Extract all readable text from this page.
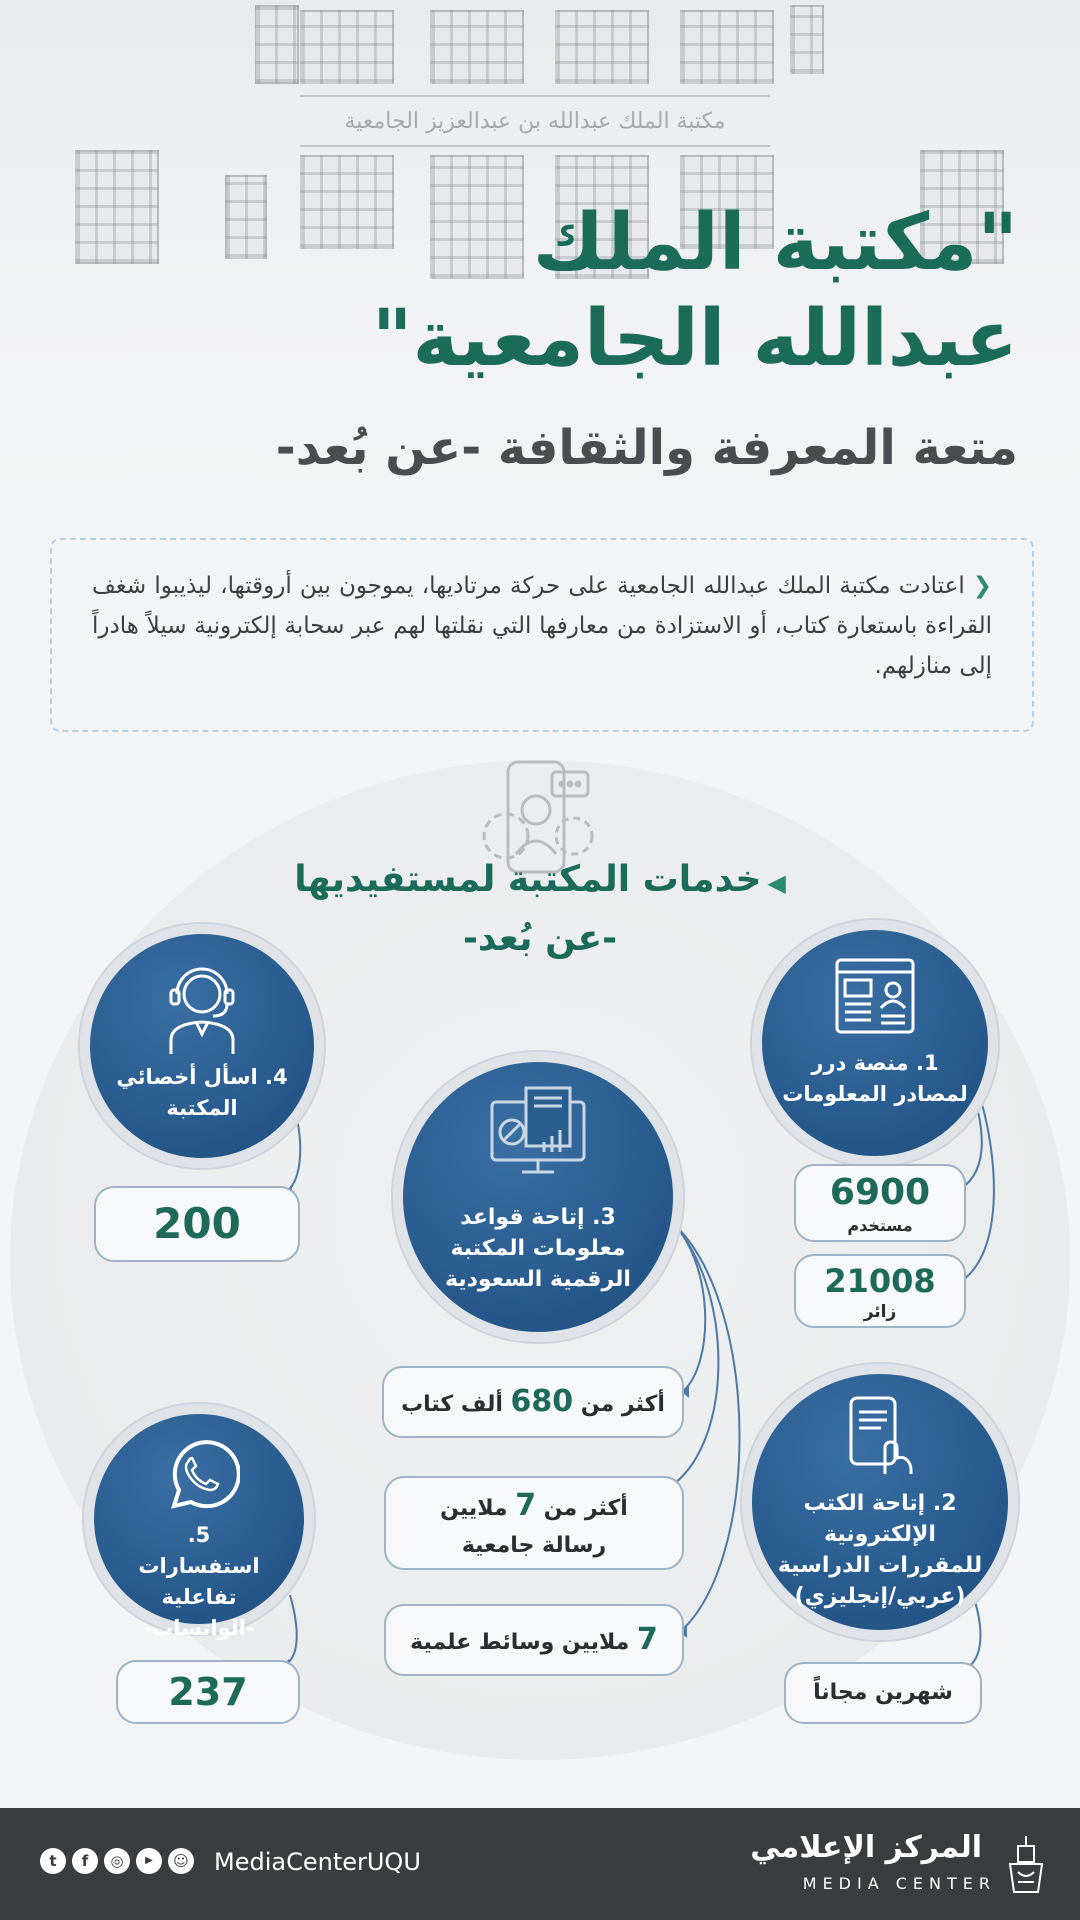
مكتبة الملك عبدالله بن عبدالعزيز الجامعية
"مكتبة الملك
عبدالله الجامعية"
متعة المعرفة والثقافة -عن بُعد-
❮اعتادت مكتبة الملك عبدالله الجامعية على حركة مرتاديها، يموجون بين أروقتها، ليذيبوا شغف القراءة باستعارة كتاب، أو الاستزادة من معارفها التي نقلتها لهم عبر سحابة إلكترونية سيلاً هادراً إلى منازلهم.
◀خدمات المكتبة لمستفيديها
-عن بُعد-
1. منصة درر لمصادر المعلومات
4. اسأل أخصائي المكتبة
3. إتاحة قواعد معلومات المكتبة الرقمية السعودية
2. إتاحة الكتب الإلكترونية للمقررات الدراسية (عربي/إنجليزي)
5. استفسارات تفاعلية -الواتساب-
6900
مستخدم
21008
زائر
200
أكثر من 680 ألف كتاب
أكثر من 7 ملايين
رسالة جامعية
7 ملايين وسائط علمية
شهرين مجاناً
237
t	f	◎	▶	☺ MediaCenterUQU	المركز الإعلامي
MEDIA CENTER
